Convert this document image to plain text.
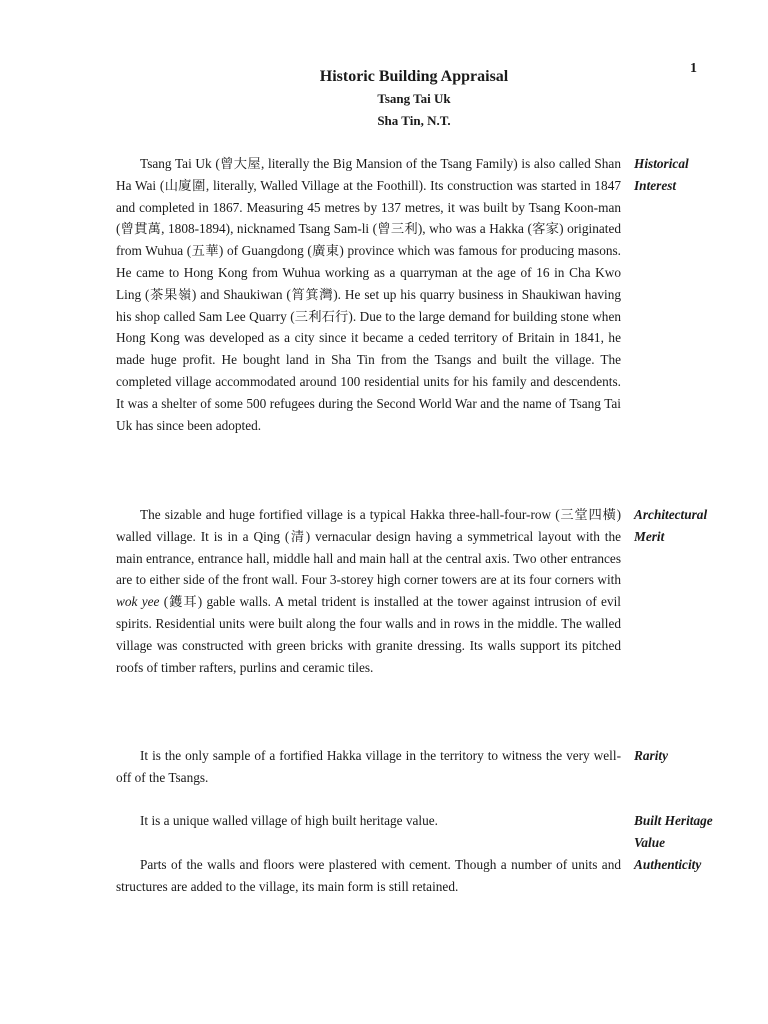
1
Historic Building Appraisal
Tsang Tai Uk
Sha Tin, N.T.

Tsang Tai Uk (曾大屋, literally the Big Mansion of the Tsang Family) is also called Shan Ha Wai (山廈圍, literally, Walled Village at the Foothill). Its construction was started in 1847 and completed in 1867. Measuring 45 metres by 137 metres, it was built by Tsang Koon-man (曾貫萬, 1808-1894), nicknamed Tsang Sam-li (曾三利), who was a Hakka (客家) originated from Wuhua (五華) of Guangdong (廣東) province which was famous for producing masons. He came to Hong Kong from Wuhua working as a quarryman at the age of 16 in Cha Kwo Ling (茶果嶺) and Shaukiwan (筲箕灣). He set up his quarry business in Shaukiwan having his shop called Sam Lee Quarry (三利石行). Due to the large demand for building stone when Hong Kong was developed as a city since it became a ceded territory of Britain in 1841, he made huge profit. He bought land in Sha Tin from the Tsangs and built the village. The completed village accommodated around 100 residential units for his family and descendents. It was a shelter of some 500 refugees during the Second World War and the name of Tsang Tai Uk has since been adopted.

Historical
Interest

The sizable and huge fortified village is a typical Hakka three-hall-four-row (三堂四橫) walled village. It is in a Qing (清) vernacular design having a symmetrical layout with the main entrance, entrance hall, middle hall and main hall at the central axis. Two other entrances are to either side of the front wall. Four 3-storey high corner towers are at its four corners with wok yee (鑊耳) gable walls. A metal trident is installed at the tower against intrusion of evil spirits. Residential units were built along the four walls and in rows in the middle. The walled village was constructed with green bricks with granite dressing. Its walls support its pitched roofs of timber rafters, purlins and ceramic tiles.

Architectural
Merit

It is the only sample of a fortified Hakka village in the territory to witness the very well-off of the Tsangs.

Rarity

It is a unique walled village of high built heritage value.	Built Heritage
Value

Parts of the walls and floors were plastered with cement. Though a number of units and structures are added to the village, its main form is still retained.

Authenticity
